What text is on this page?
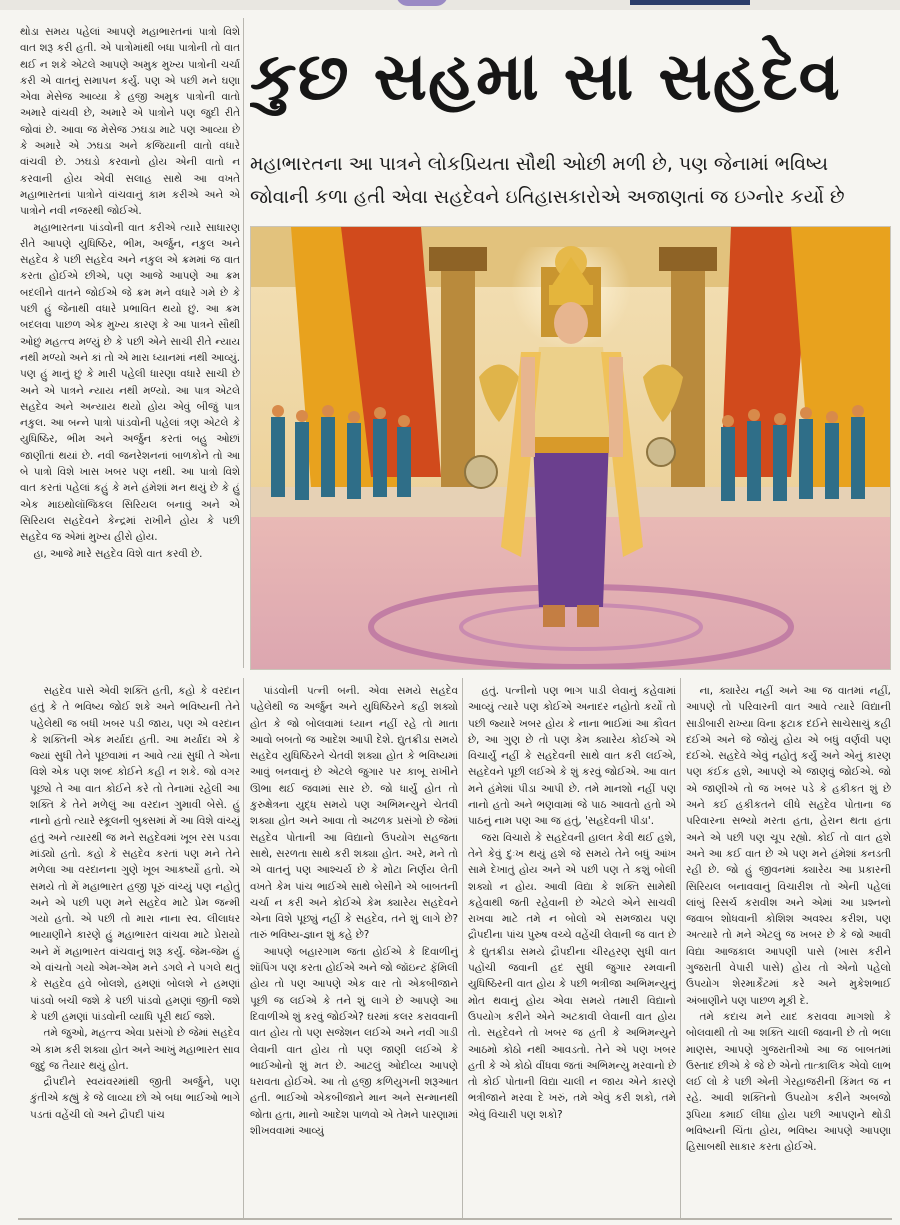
થોડા સમય પહેલાં આપણે મહાભારતનાં પાત્રો વિશે વાત શરૂ કરી હતી. એ પાત્રોમાંથી બધા પાત્રોની તો વાત થઈ ન શકે એટલે આપણે અમુક મુખ્ય પાત્રોની ચર્ચા કરી એ વાતનું સમાપન કર્યું. પણ એ પછી મને ઘણા એવા મેસેજ આવ્યા કે હજી અમુક પાત્રોની વાતો અમારે વાંચવી છે, અમારે એ પાત્રોને પણ જુદી રીતે જોવાં છે. આવા જ મેસેજ ઝઘડા માટે પણ આવ્યા છે કે અમારે એ ઝઘડા અને કજિયાની વાતો વધારે વાંચવી છે. ઝઘડો કરવાનો હોય એની વાતો ન કરવાની હોય એવી સલાહ સાથે આ વખતે મહાભારતનાં પાત્રોને વાંચવાનું કામ કરીએ અને એ પાત્રોને નવી નજરથી જોઈએ.

મહાભારતના પાંડવોની વાત કરીએ ત્યારે સાધારણ રીતે આપણે યુધિષ્ઠિર, ભીમ, અર્જુન, નકુલ અને સહદેવ કે પછી સહદેવ અને નકુલ એ ક્રમમાં જ વાત કરતા હોઈએ છીએ, પણ આજે આપણે આ ક્રમ બદલીને વાતને જોઈએ જે ક્રમ મને વધારે ગમે છે કે પછી હું જેનાથી વધારે પ્રભાવિત થયો છું. આ ક્રમ બદલવા પાછળ એક મુખ્ય કારણ કે આ પાત્રને સૌથી ઓછું મહત્ત્વ મળ્યું છે કે પછી એને સાચી રીતે ન્યાય નથી મળ્યો અને કાં તો એ મારા ધ્યાનમાં નથી આવ્યું. પણ હું માનું છું કે મારી પહેલી ધારણા વધારે સાચી છે અને એ પાત્રને ન્યાય નથી મળ્યો. આ પાત્ર એટલે સહદેવ અને અન્યાય થયો હોય એવું બીજું પાત્ર નકુલ. આ બન્ને પાત્રો પાંડવોની પહેલાં ત્રણ એટલે કે યુધિષ્ઠિર, ભીમ અને અર્જુન કરતાં બહુ ઓછાં જાણીતાં થયાં છે. નવી જનરેશનનાં બાળકોને તો આ બે પાત્રો વિશે ખાસ ખબર પણ નથી. આ પાત્રો વિશે વાત કરતાં પહેલાં કહું કે મને હંમેશાં મન થયું છે કે હું એક માઇથોલૉજિકલ સિરિયલ બનાવું અને એ સિરિયલ સહદેવને કેન્દ્રમાં રાખીને હોય કે પછી સહદેવ જ એમાં મુખ્ય હીરો હોય.

હા, આજે મારે સહદેવ વિશે વાત કરવી છે.

કુછ સહમા સા સહદેવ
મહાભારતના આ પાત્રને લોકપ્રિયતા સૌથી ઓછી મળી છે, પણ જેનામાં ભવિષ્ય જોવાની કળા હતી એવા સહદેવને ઇતિહાસકારોએ અજાણતાં જ ઇગ્નોર કર્યો છે

સહદેવ પાસે એવી શક્તિ હતી, કહો કે વરદાન હતું કે તે ભવિષ્ય જોઈ શકે અને ભવિષ્યની તેને પહેલેથી જ બધી ખબર પડી જાય, પણ એ વરદાન કે શક્તિની એક મર્યાદા હતી. આ મર્યાદા એ કે જ્યાં સુધી તેને પૂછવામાં ન આવે ત્યાં સુધી તે એના વિશે એક પણ શબ્દ કોઈને કહી ન શકે. જો વગર પૂછ્યે તે આ વાત કોઈને કરે તો તેનામાં રહેલી આ શક્તિ કે તેને મળેલું આ વરદાન ગુમાવી બેસે. હું નાનો હતો ત્યારે સ્કૂલની બુક્સમાં મેં આ વિશે વાંચ્યું હતું અને ત્યારથી જ મને સહદેવમાં ખૂબ રસ પડવા માંડ્યો હતો. કહો કે સહદેવ કરતાં પણ મને તેને મળેલા આ વરદાનના ગુણે ખૂબ આકર્ષ્યો હતો. એ સમયે તો મેં મહાભારત હજી પૂરું વાંચ્યું પણ નહોતું અને એ પછી પણ મને સહદેવ માટે પ્રેમ જન્મી ગયો હતો. એ પછી તો મારા નાના સ્વ. લીલાધર ભાયાણીને કારણે હું મહાભારત વાંચવા માટે પ્રેરાયો અને મેં મહાભારત વાંચવાનું શરૂ કર્યું. જેમ-જેમ હું એ વાંચતો ગયો એમ-એમ મને ડગલે ને પગલે થતું કે સહદેવ હવે બોલશે, હમણાં બોલશે ને હમણાં પાંડવો બચી જશે કે પછી પાંડવો હમણાં જીતી જશે કે પછી હમણાં પાંડવોની વ્યાધિ પૂરી થઈ જશે.

તમે જુઓ, મહત્ત્વ એવા પ્રસંગો છે જેમાં સહદેવ એ કામ કરી શક્યા હોત અને આખું મહાભારત સાવ જુદું જ તૈયાર થયું હોત.

દ્રૌપદીને સ્વયંવરમાંથી જીતી અર્જુને, પણ કુંતીએ કહ્યું કે જે લાવ્યા છો એ બધા ભાઈઓ ભાગે પડતાં વહેંચી લો અને દ્રૌપદી પાંચ

પાંડવોની પત્ની બની. એવા સમયે સહદેવ પહેલેથી જ અર્જુન અને યુધિષ્ઠિરને કહી શક્યો હોત કે જો બોલવામાં ધ્યાન નહીં રહે તો માતા આવો બબતો જ આદેશ આપી દેશે. દ્યુતક્રીડા સમયે સહદેવ યુધિષ્ઠિરને ચેતવી શક્યા હોત કે ભવિષ્યમાં આવું બનવાનું છે એટલે જુગાર પર કાબૂ રાખીને ઊભા થઈ જવામાં સાર છે. જો ધાર્યું હોત તો કુરુક્ષેત્રના યુદ્ધ સમયે પણ અભિમન્યુને ચેતવી શક્યા હોત અને આવા તો અઢળક પ્રસંગો છે જેમાં સહદેવ પોતાની આ વિદ્યાનો ઉપયોગ સહજતા સાથે, સરળતા સાથે કરી શક્યા હોત. અરે, મને તો એ વાતનું પણ આશ્ચર્ય છે કે મોટા નિર્ણય લેતી વખતે કેમ પાંચ ભાઈએ સાથે બેસીને એ બાબતની ચર્ચા ન કરી અને કોઈએ કેમ ક્યારેય સહદેવને એના વિશે પૂછ્યું નહીં કે સહદેવ, તને શું લાગે છે? તારું ભવિષ્ય-જ્ઞાન શું કહે છે?

આપણે બહારગામ જતા હોઈએ કે દિવાળીનું શૉપિંગ પણ કરતા હોઈએ અને જો જૉઇન્ટ ફૅમિલી હોય તો પણ આપણે એક વાર તો એકબીજાને પૂછી જ લઈએ કે તને શું લાગે છે આપણે આ દિવાળીએ શું કરવું જોઈએ? ઘરમાં કલર કરાવવાની વાત હોય તો પણ સજેશન લઈએ અને નવી ગાડી લેવાની વાત હોય તો પણ જાણી લઈએ કે ભાઈઓનો શું મત છે. આટલું ઓદીવ્ય આપણે ધરાવતા હોઈએ. આ તો હજી કળિયુગની શરૂઆત હતી. ભાઈઓ એકબીજાને માન અને સન્માનથી જોતા હતા, માનો આદેશ પાળવો એ તેમને પારણામાં શીખવવામાં આવ્યું

હતું. પત્નીનો પણ ભાગ પાડી લેવાનું કહેવામાં આવ્યું ત્યારે પણ કોઈએ અનાદર નહોતો કર્યો તો પછી જ્યારે ખબર હોય કે નાના ભાઈમાં આ કૌવત છે, આ ગુણ છે તો પણ કેમ ક્યારેય કોઈએ એ વિચાર્યું નહીં કે સહદેવની સાથે વાત કરી લઈએ, સહદેવને પૂછી લઈએ કે શું કરવું જોઈએ. આ વાત મને હંમેશાં પીડા આપી છે. તમે માનશો નહીં પણ નાનો હતો અને ભણવામાં જે પાઠ આવતો હતો એ પાઠનું નામ પણ આ જ હતું, 'સહદેવની પીડા'.

જરા વિચારો કે સહદેવની હાલત કેવી થઈ હશે, તેને કેવું દુઃખ થયું હશે જે સમયે તેને બધું આંખ સામે દેખાતું હોય અને એ પછી પણ તે કશું બોલી શક્યો ન હોય. આવી વિદ્યા કે શક્તિ સામેથી કહેવાથી જતી રહેવાની છે એટલે એને સાચવી રાખવા માટે તમે ન બોલો એ સમજાય પણ દ્રૌપદીના પાંચ પુરુષ વચ્ચે વહેંચી લેવાની જ વાત છે કે દ્યુતક્રીડા સમયે દ્રૌપદીના ચીરહરણ સુધી વાત પહોંચી જવાની હદ સુધી જુગાર રમવાની યુધિષ્ઠિરની વાત હોય કે પછી ભત્રીજા અભિમન્યુનું મોત થવાનું હોય એવા સમયે તમારી વિદ્યાનો ઉપયોગ કરીને એને અટકાવી લેવાની વાત હોય તો. સહદેવને તો ખબર જ હતી કે અભિમન્યુને આઠમો કોઠો નથી આવડતો. તેને એ પણ ખબર હતી કે એ કોઠો વીંધવા જતાં અભિમન્યુ મરવાનો છે તો કોઈ પોતાની વિદ્યા ચાલી ન જાય એને કારણે ભત્રીજાને મરવા દે ખરું, તમે એવું કરી શકો, તમે એવું વિચારી પણ શકો?

ના, ક્યારેય નહીં અને આ જ વાતમાં નહીં, આપણે તો પરિવારની વાત આવે ત્યારે વિદ્યાની સાડીબારી રાખ્યા વિના ફટાક દઈને સાચેસાચું કહી દઈએ અને જે જોયું હોય એ બધું વર્ણવી પણ દઈએ. સહદેવે એવું નહોતું કર્યું અને એનું કારણ પણ કંઈક હશે, આપણે એ જાણવું જોઈએ. જો એ જાણીએ તો જ ખબર પડે કે હકીકત શું છે અને કઈ હકીકતને લીધે સહદેવ પોતાના જ પરિવારના સભ્યો મરતા હતા, હેરાન થતા હતા અને એ પછી પણ ચૂપ રહ્યો. કોઈ તો વાત હશે અને આ કઈ વાત છે એ પણ મને હંમેશાં કનડતી રહી છે. જો હું જીવનમાં ક્યારેય આ પ્રકારની સિરિયલ બનાવવાનું વિચારીશ તો એની પહેલાં લાંબું રિસર્ચ કરાવીશ અને એમાં આ પ્રશ્નનો જવાબ શોધવાની કોશિશ અવશ્ય કરીશ, પણ અત્યારે તો મને એટલું જ ખબર છે કે જો આવી વિદ્યા આજકાલ આપણી પાસે (ખાસ કરીને ગુજરાતી વેપારી પાસે) હોય તો એનો પહેલો ઉપયોગ શેરમાર્કેટમાં કરે અને મુકેશભાઈ અંબાણીને પણ પાછળ મૂકી દે.

તમે કદાચ મને યાદ કરાવવા માગશો કે બોલવાથી તો આ શક્તિ ચાલી જવાની છે તો ભલા માણસ, આપણે ગુજરાતીઓ આ જ બાબતમાં ઉસ્તાદ છીએ કે જે છે એનો તાત્કાલિક એવો લાભ લઈ લો કે પછી એની ગેરહાજરીની કિંમત જ ન રહે. આવી શક્તિનો ઉપયોગ કરીને અબજો રૂપિયા કમાઈ લીધા હોય પછી આપણને થોડી ભવિષ્યની ચિંતા હોય, ભવિષ્ય આપણે આપણા હિસાબથી સાકાર કરતા હોઈએ.
